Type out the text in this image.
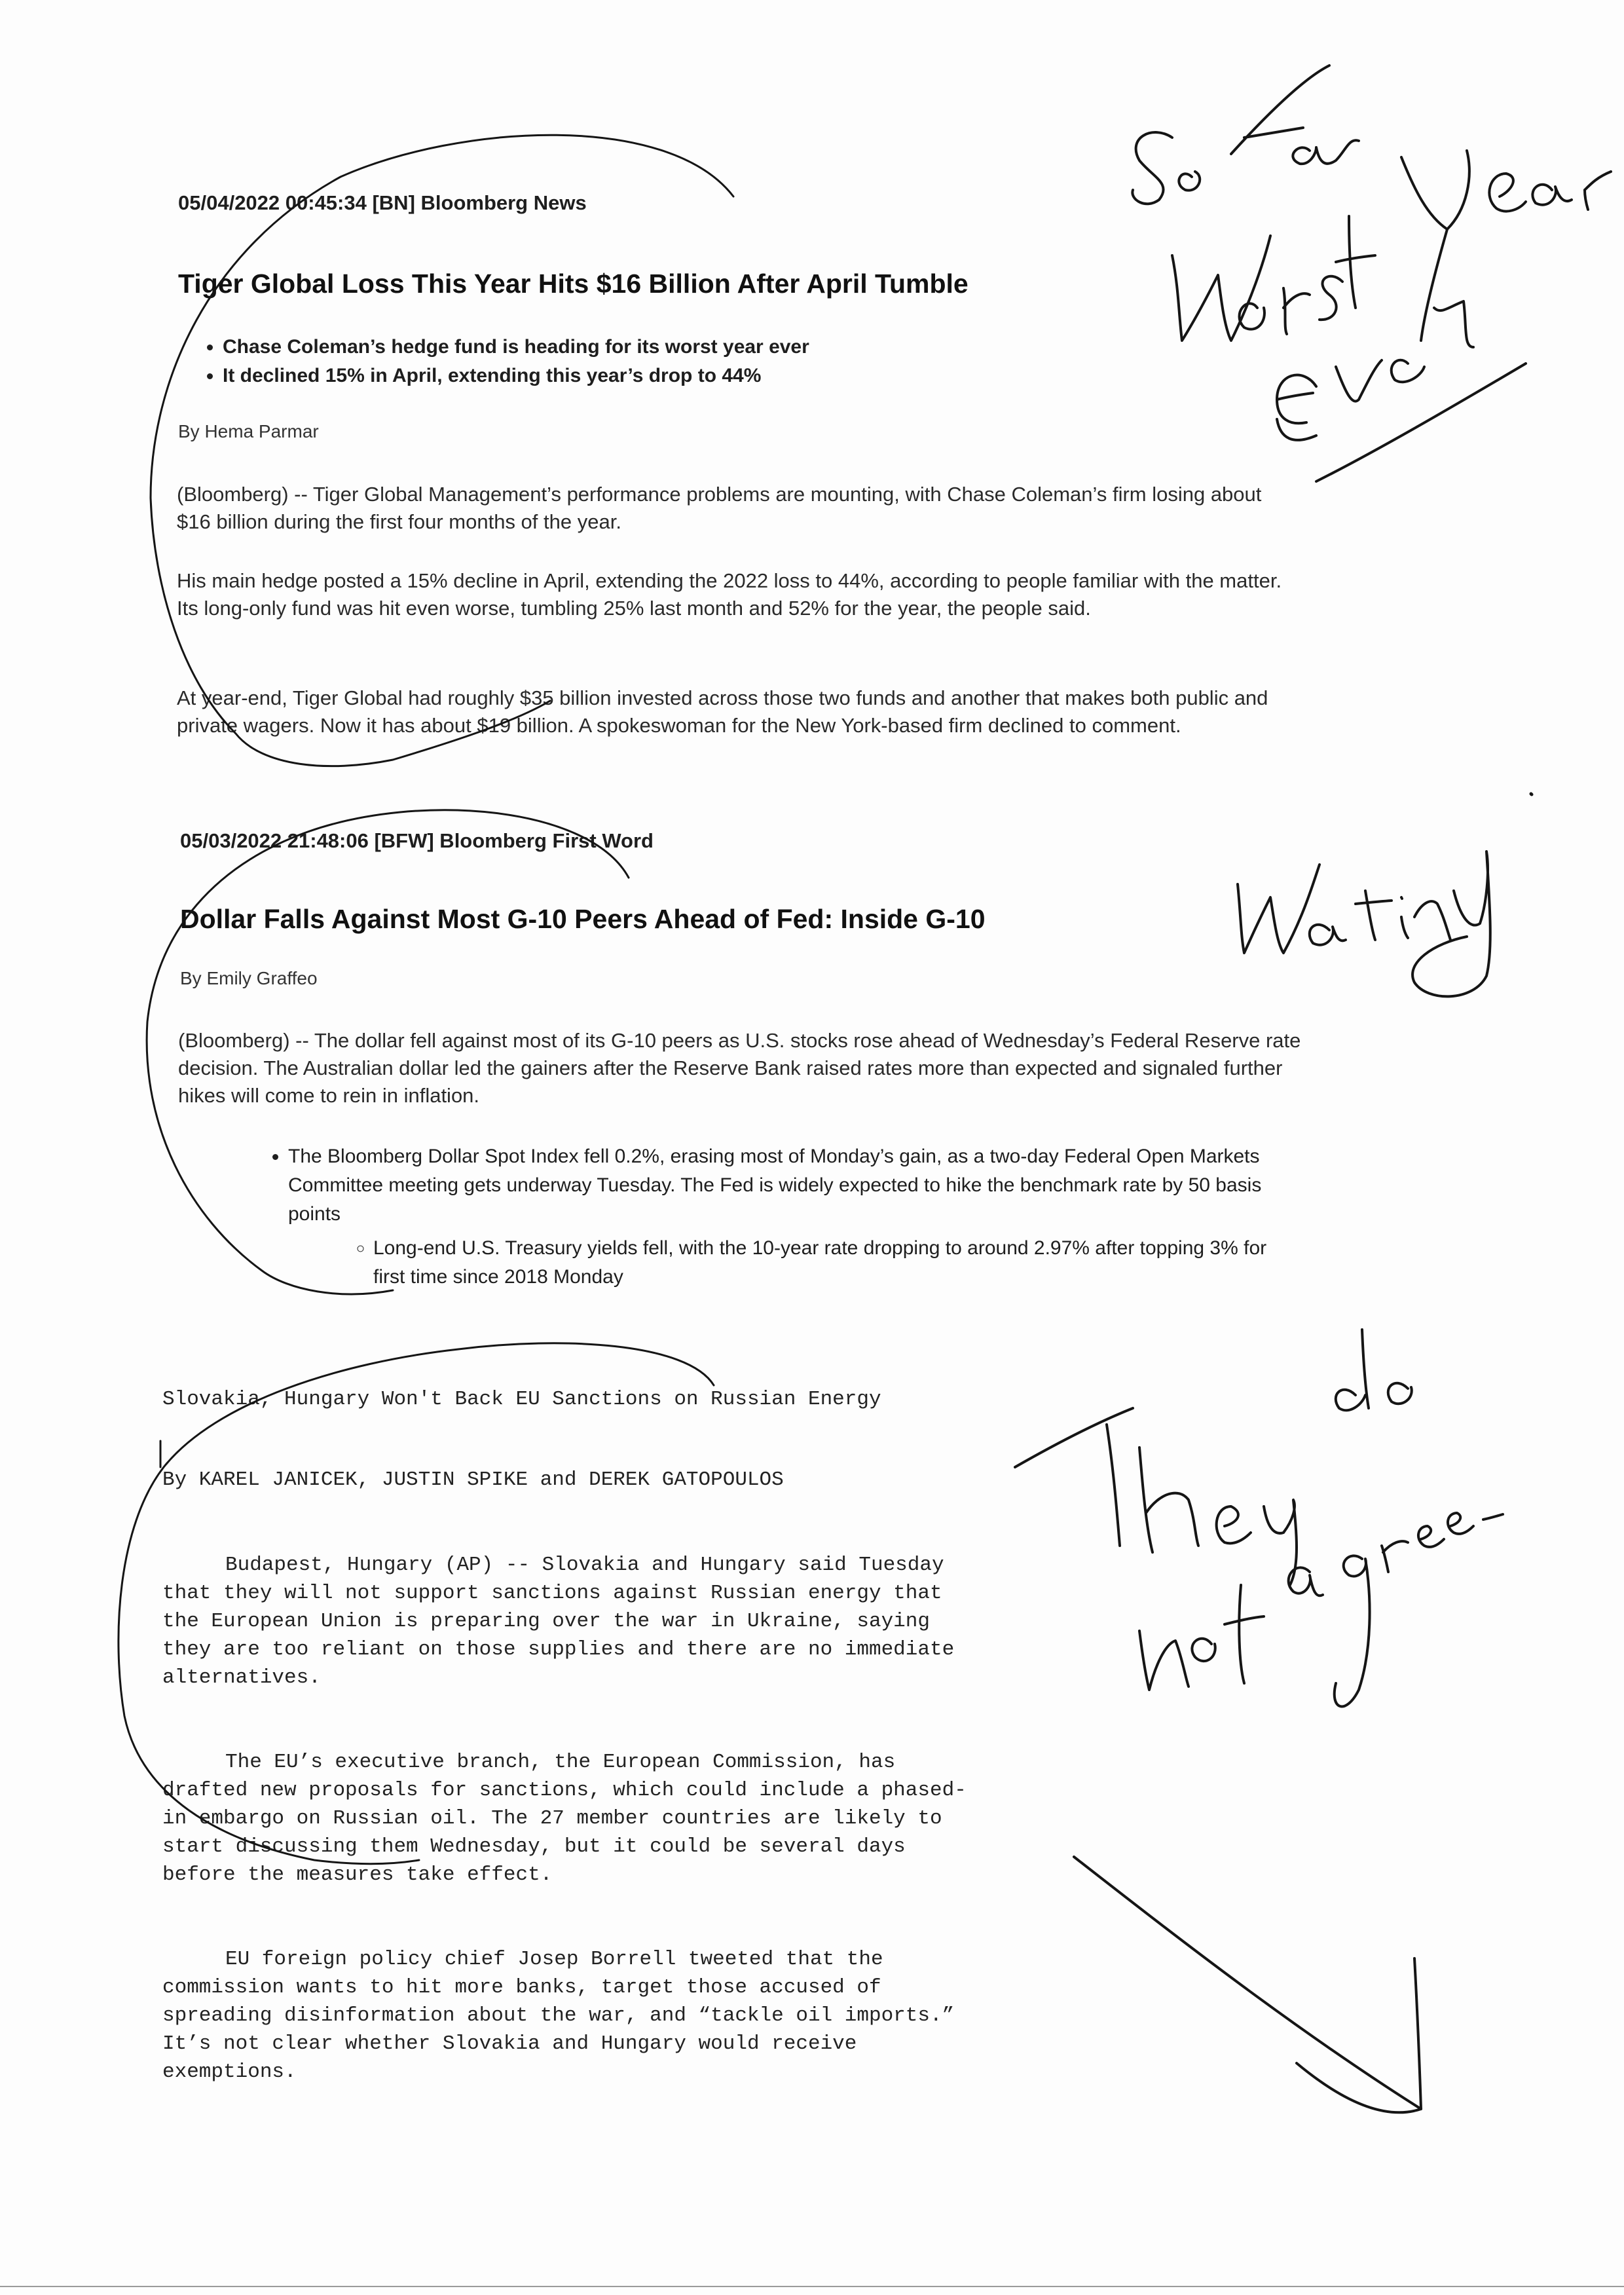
05/04/2022 00:45:34 [BN] Bloomberg News
Tiger Global Loss This Year Hits $16 Billion After April Tumble
• Chase Coleman’s hedge fund is heading for its worst year ever
• It declined 15% in April, extending this year’s drop to 44%
By Hema Parmar
(Bloomberg) -- Tiger Global Management’s performance problems are mounting, with Chase Coleman’s firm losing about $16 billion during the first four months of the year.
His main hedge posted a 15% decline in April, extending the 2022 loss to 44%, according to people familiar with the matter. Its long-only fund was hit even worse, tumbling 25% last month and 52% for the year, the people said.
At year-end, Tiger Global had roughly $35 billion invested across those two funds and another that makes both public and private wagers. Now it has about $19 billion. A spokeswoman for the New York-based firm declined to comment.
05/03/2022 21:48:06 [BFW] Bloomberg First Word
Dollar Falls Against Most G-10 Peers Ahead of Fed: Inside G-10
By Emily Graffeo
(Bloomberg) -- The dollar fell against most of its G-10 peers as U.S. stocks rose ahead of Wednesday’s Federal Reserve rate decision. The Australian dollar led the gainers after the Reserve Bank raised rates more than expected and signaled further hikes will come to rein in inflation.
• The Bloomberg Dollar Spot Index fell 0.2%, erasing most of Monday’s gain, as a two-day Federal Open Markets Committee meeting gets underway Tuesday. The Fed is widely expected to hike the benchmark rate by 50 basis points
◦ Long-end U.S. Treasury yields fell, with the 10-year rate dropping to around 2.97% after topping 3% for first time since 2018 Monday
Slovakia, Hungary Won't Back EU Sanctions on Russian Energy
By KAREL JANICEK, JUSTIN SPIKE and DEREK GATOPOULOS

Budapest, Hungary (AP) -- Slovakia and Hungary said Tuesday that they will not support sanctions against Russian energy that the European Union is preparing over the war in Ukraine, saying they are too reliant on those supplies and there are no immediate alternatives.

The EU’s executive branch, the European Commission, has drafted new proposals for sanctions, which could include a phased-in embargo on Russian oil. The 27 member countries are likely to start discussing them Wednesday, but it could be several days before the measures take effect.

EU foreign policy chief Josep Borrell tweeted that the commission wants to hit more banks, target those accused of spreading disinformation about the war, and “tackle oil imports.” It’s not clear whether Slovakia and Hungary would receive exemptions.
